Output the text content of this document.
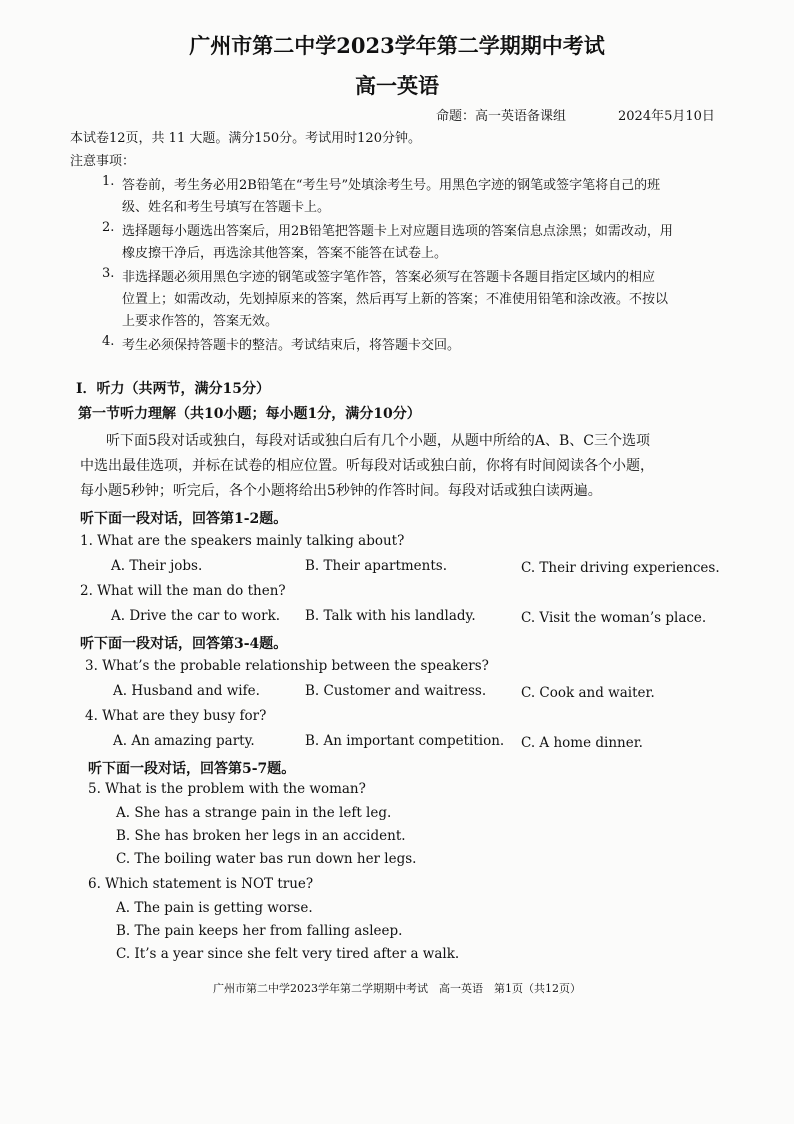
广州市第二中学2023学年第二学期期中考试
高一英语
命题：高一英语备课组	2024年5月10日
本试卷12页，共 11 大题。满分150分。考试用时120分钟。
注意事项：
1. 答卷前，考生务必用2B铅笔在“考生号”处填涂考生号。用黑色字迹的钢笔或签字笔将自己的班
级、姓名和考生号填写在答题卡上。
2. 选择题每小题选出答案后，用2B铅笔把答题卡上对应题目选项的答案信息点涂黑；如需改动，用
橡皮擦干净后，再选涂其他答案，答案不能答在试卷上。
3. 非选择题必须用黑色字迹的钢笔或签字笔作答，答案必须写在答题卡各题目指定区域内的相应
位置上；如需改动，先划掉原来的答案，然后再写上新的答案；不准使用铅笔和涂改液。不按以
上要求作答的，答案无效。
4. 考生必须保持答题卡的整洁。考试结束后，将答题卡交回。
I．听力（共两节，满分15分）
第一节听力理解（共10小题；每小题1分，满分10分）
听下面5段对话或独白，每段对话或独白后有几个小题，从题中所给的A、B、C三个选项
中选出最佳选项，并标在试卷的相应位置。听每段对话或独白前，你将有时间阅读各个小题，
每小题5秒钟；听完后，各个小题将给出5秒钟的作答时间。每段对话或独白读两遍。
听下面一段对话，回答第1-2题。
1. What are the speakers mainly talking about?
A. Their jobs.	B. Their apartments.	C. Their driving experiences.
2. What will the man do then?
A. Drive the car to work. B. Talk with his landlady.	C. Visit the woman’s place.
听下面一段对话，回答第3-4题。
3. What’s the probable relationship between the speakers?
A. Husband and wife.	B. Customer and waitress.	C. Cook and waiter.
4. What are they busy for?
A. An amazing party.	B. An important competition. C. A home dinner.
听下面一段对话，回答第5-7题。
5. What is the problem with the woman?
A. She has a strange pain in the left leg.
B. She has broken her legs in an accident.
C. The boiling water bas run down her legs.
6. Which statement is NOT true?
A. The pain is getting worse.
B. The pain keeps her from falling asleep.
C. It’s a year since she felt very tired after a walk.
广州市第二中学2023学年第二学期期中考试　高一英语　第1页（共12页）
